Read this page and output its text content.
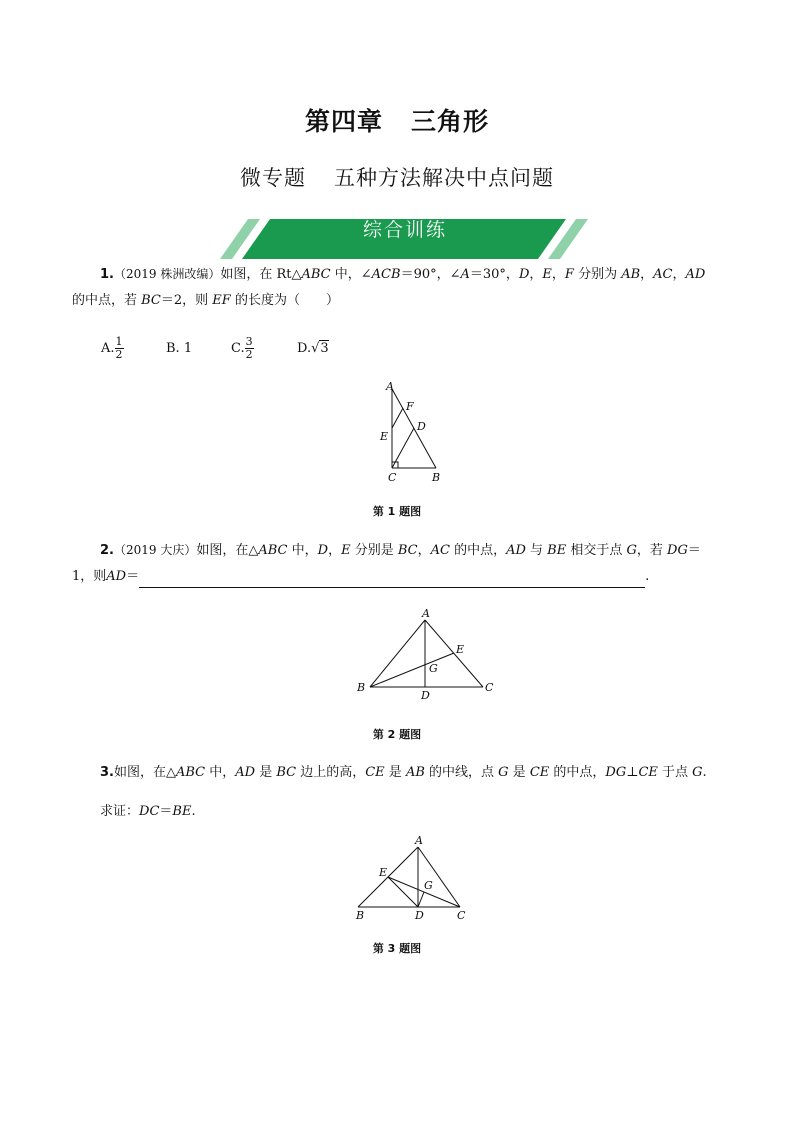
第四章 三角形
微专题 五种方法解决中点问题
综合训练
1.（2019 株洲改编）如图，在 Rt△ABC 中，∠ACB＝90°，∠A＝30°，D，E，F 分别为 AB，AC，AD
的中点，若 BC＝2，则 EF 的长度为（　　）
A. $\frac{1}{2}$	B. 1	C. $\frac{3}{2}$	D. √ 3
A
F
D
E
C	B
第 1 题图
2.（2019 大庆）如图，在△ABC 中，D，E 分别是 BC，AC 的中点，AD 与 BE 相交于点 G，若 DG＝
1，则 AD ＝	.
A
E
G
B
D
C
第 2 题图
3.如图，在△ABC 中，AD 是 BC 边上的高，CE 是 AB 的中线，点 G 是 CE 的中点，DG⊥CE 于点 G.
求证：DC＝BE.
A
E
G
B	D	C
第 3 题图
